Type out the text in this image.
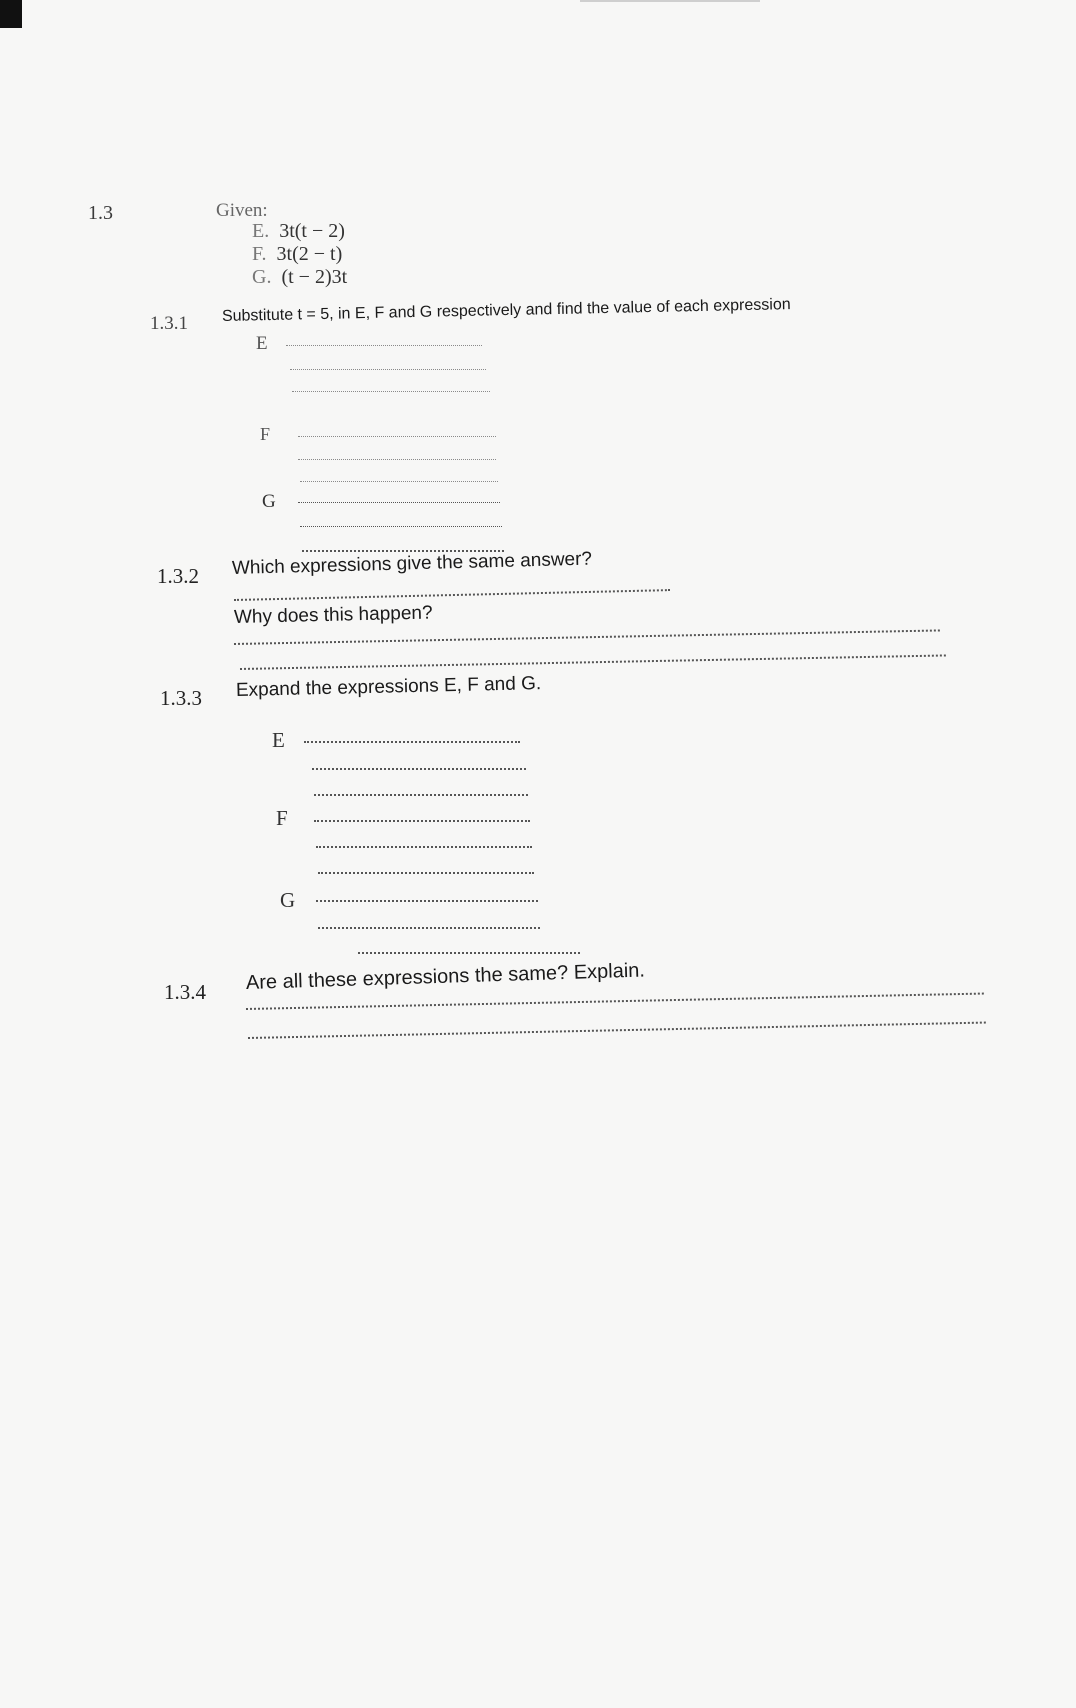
1.3	Given:
E. 3t(t − 2)
F. 3t(2 − t)
G. (t − 2)3t
1.3.1 Substitute t = 5, in E, F and G respectively and find the value of each expression
E
F
G
1.3.2 Which expressions give the same answer?
Why does this happen?
1.3.3 Expand the expressions E, F and G.
E
F
G
1.3.4 Are all these expressions the same? Explain.
